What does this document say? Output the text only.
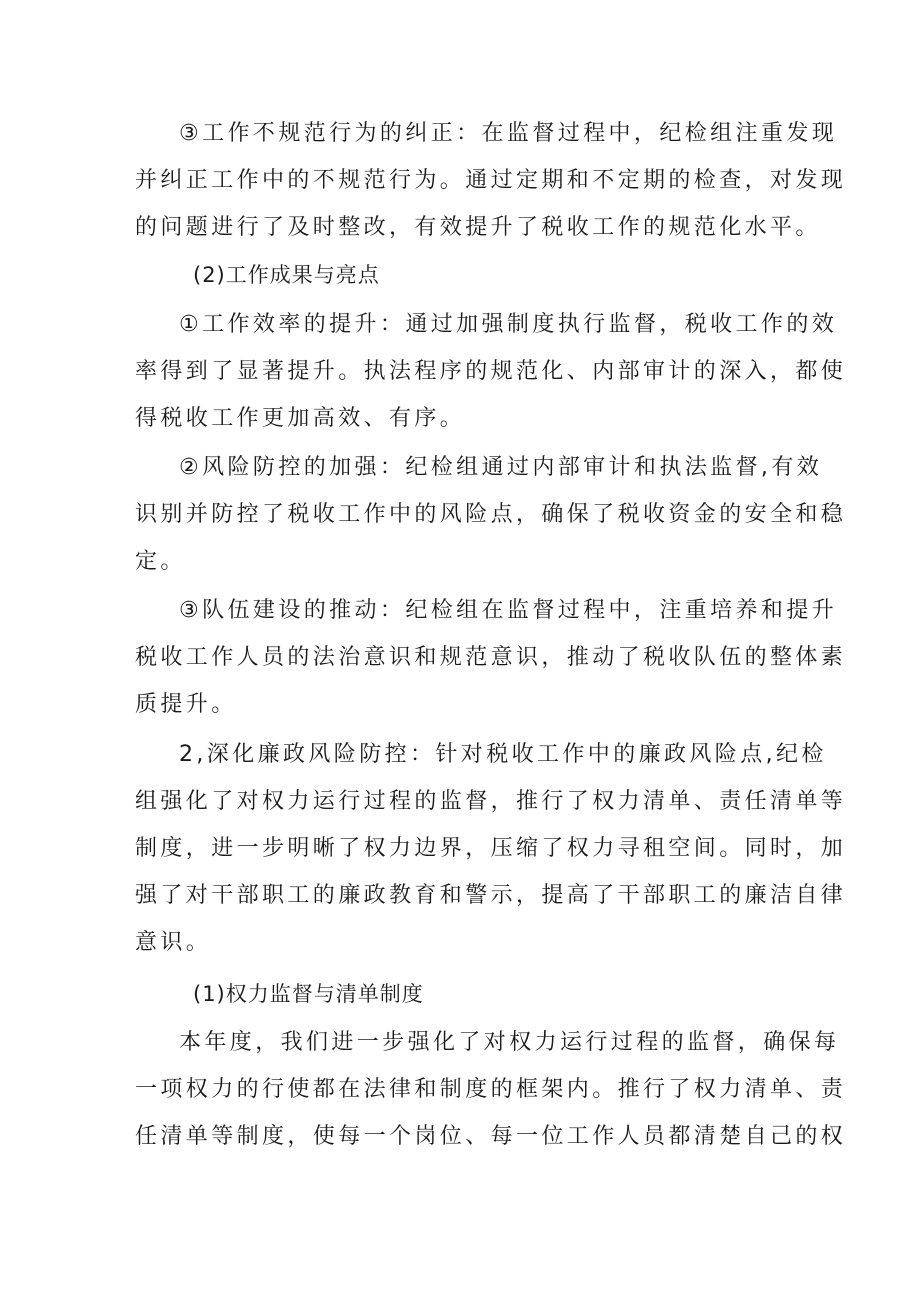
③工作不规范行为的纠正：在监督过程中，纪检组注重发现
并纠正工作中的不规范行为。通过定期和不定期的检查，对发现
的问题进行了及时整改，有效提升了税收工作的规范化水平。
(2)工作成果与亮点
①工作效率的提升：通过加强制度执行监督，税收工作的效
率得到了显著提升。执法程序的规范化、内部审计的深入，都使
得税收工作更加高效、有序。
②风险防控的加强：纪检组通过内部审计和执法监督,有效
识别并防控了税收工作中的风险点，确保了税收资金的安全和稳
定。
③队伍建设的推动：纪检组在监督过程中，注重培养和提升
税收工作人员的法治意识和规范意识，推动了税收队伍的整体素
质提升。
2,深化廉政风险防控：针对税收工作中的廉政风险点,纪检
组强化了对权力运行过程的监督，推行了权力清单、责任清单等
制度，进一步明晰了权力边界，压缩了权力寻租空间。同时，加
强了对干部职工的廉政教育和警示，提高了干部职工的廉洁自律
意识。
(1)权力监督与清单制度
本年度，我们进一步强化了对权力运行过程的监督，确保每
一项权力的行使都在法律和制度的框架内。推行了权力清单、责
任清单等制度，使每一个岗位、每一位工作人员都清楚自己的权
